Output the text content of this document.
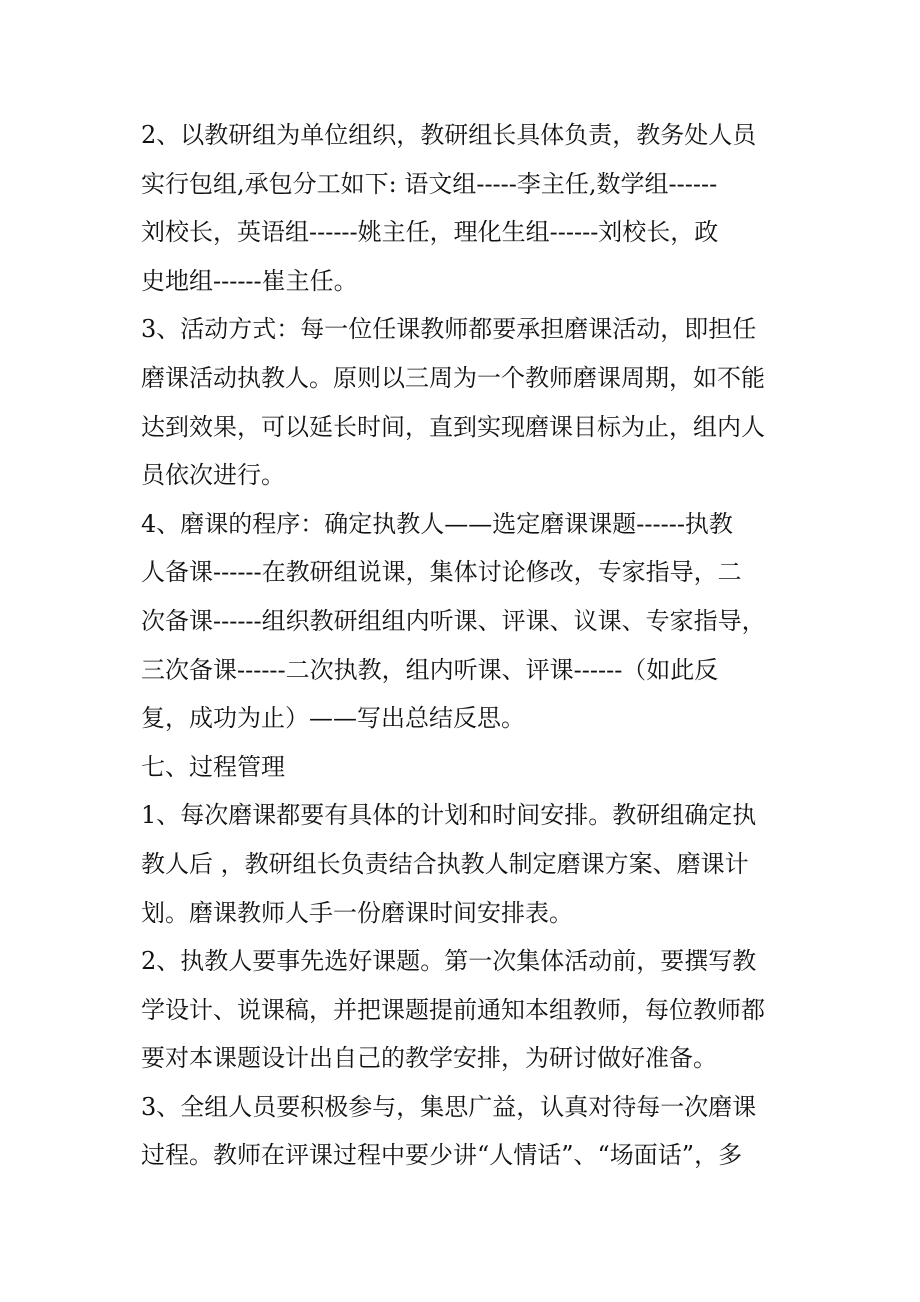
2、以教研组为单位组织，教研组长具体负责，教务处人员
实行包组,承包分工如下: 语文组-----李主任,数学组------
刘校长，英语组------姚主任，理化生组------刘校长，政
史地组------崔主任。
3、活动方式：每一位任课教师都要承担磨课活动，即担任
磨课活动执教人。原则以三周为一个教师磨课周期，如不能
达到效果，可以延长时间，直到实现磨课目标为止，组内人
员依次进行。
4、磨课的程序：确定执教人——选定磨课课题------执教
人备课------在教研组说课，集体讨论修改，专家指导，二
次备课------组织教研组组内听课、评课、议课、专家指导，
三次备课------二次执教，组内听课、评课------（如此反
复，成功为止）——写出总结反思。
七、过程管理
1、每次磨课都要有具体的计划和时间安排。教研组确定执
教人后 ，教研组长负责结合执教人制定磨课方案、磨课计
划。磨课教师人手一份磨课时间安排表。
2、执教人要事先选好课题。第一次集体活动前，要撰写教
学设计、说课稿，并把课题提前通知本组教师，每位教师都
要对本课题设计出自己的教学安排，为研讨做好准备。
3、全组人员要积极参与，集思广益，认真对待每一次磨课
过程。教师在评课过程中要少讲“人情话”、“场面话”，多
